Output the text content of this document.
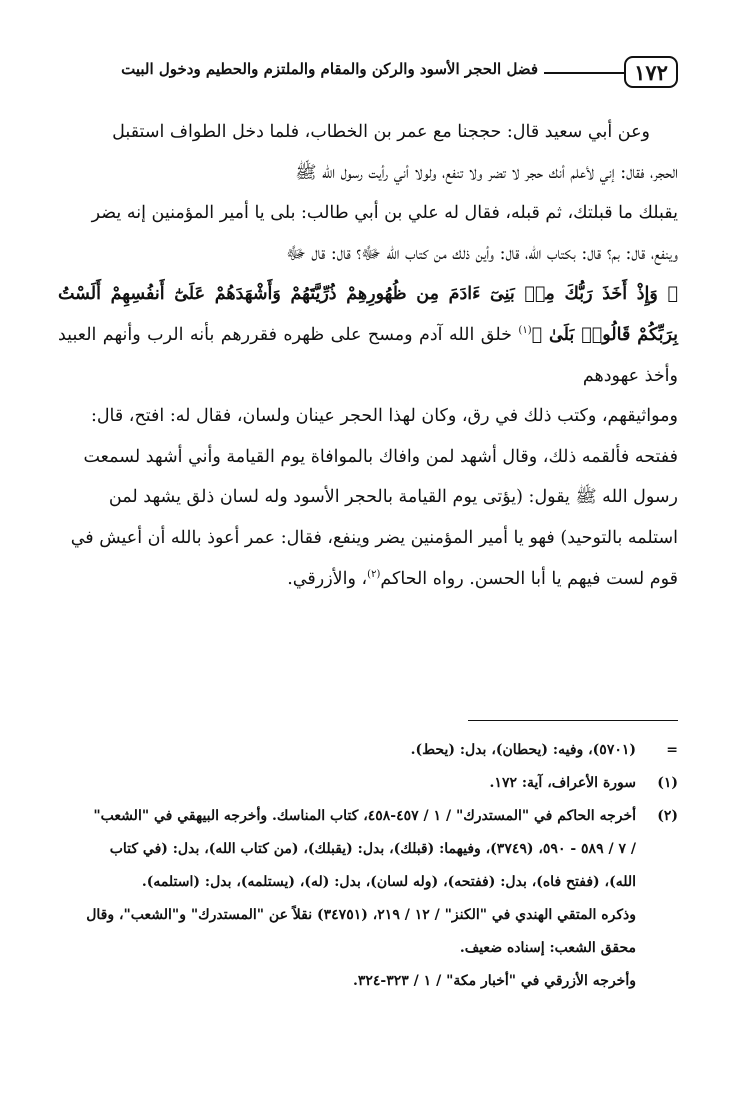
١٧٢
فضل الحجر الأسود والركن والمقام والملتزم والحطيم ودخول البيت

وعن أبي سعيد قال: حججنا مع عمر بن الخطاب، فلما دخل الطواف استقبل

الحجر، فقال: إني لأعلم أنك حجر لا تضر ولا تنفع، ولولا أني رأيت رسول الله ﷺ

يقبلك ما قبلتك، ثم قبله، فقال له علي بن أبي طالب: بلى يا أمير المؤمنين إنه يضر

وينفع، قال: بم؟ قال: بكتاب الله، قال: وأين ذلك من كتاب الله ﷻ؟ قال: قال ﷻ

﴿ وَإِذْ أَخَذَ رَبُّكَ مِنۢ بَنِىٓ ءَادَمَ مِن ظُهُورِهِمْ ذُرِّيَّتَهُمْ وَأَشْهَدَهُمْ عَلَىٰٓ أَنفُسِهِمْ أَلَسْتُ بِرَبِّكُمْ قَالُوا۟ بَلَىٰ ﴾$^{(١)}$ خلق الله آدم ومسح على ظهره فقررهم بأنه الرب وأنهم العبيد وأخذ عهودهم

ومواثيقهم، وكتب ذلك في رق، وكان لهذا الحجر عينان ولسان، فقال له: افتح، قال:

ففتحه فألقمه ذلك، وقال أشهد لمن وافاك بالموافاة يوم القيامة وأني أشهد لسمعت

رسول الله ﷺ يقول: (يؤتى يوم القيامة بالحجر الأسود وله لسان ذلق يشهد لمن

استلمه بالتوحيد) فهو يا أمير المؤمنين يضر وينفع، فقال: عمر أعوذ بالله أن أعيش في

قوم لست فيهم يا أبا الحسن. رواه الحاكم$^{(٢)}$، والأزرقي.

=
(٥٧٠١)، وفيه: (يحطان)، بدل: (يحط).
(١)
سورة الأعراف، آية: ١٧٢.
(٢)
أخرجه الحاكم في "المستدرك" / ١ / ٤٥٧-٤٥٨، كتاب المناسك. وأخرجه البيهقي في "الشعب"
/ ٧ / ٥٨٩ - ٥٩٠، (٣٧٤٩)، وفيهما: (قبلك)، بدل: (يقبلك)، (من كتاب الله)، بدل: (في كتاب
الله)، (ففتح فاه)، بدل: (ففتحه)، (وله لسان)، بدل: (له)، (يستلمه)، بدل: (استلمه).
وذكره المتقي الهندي في "الكنز" / ١٢ / ٢١٩، (٣٤٧٥١) نقلاً عن "المستدرك" و"الشعب"، وقال
محقق الشعب: إسناده ضعيف.
وأخرجه الأزرقي في "أخبار مكة" / ١ / ٣٢٣-٣٢٤.
